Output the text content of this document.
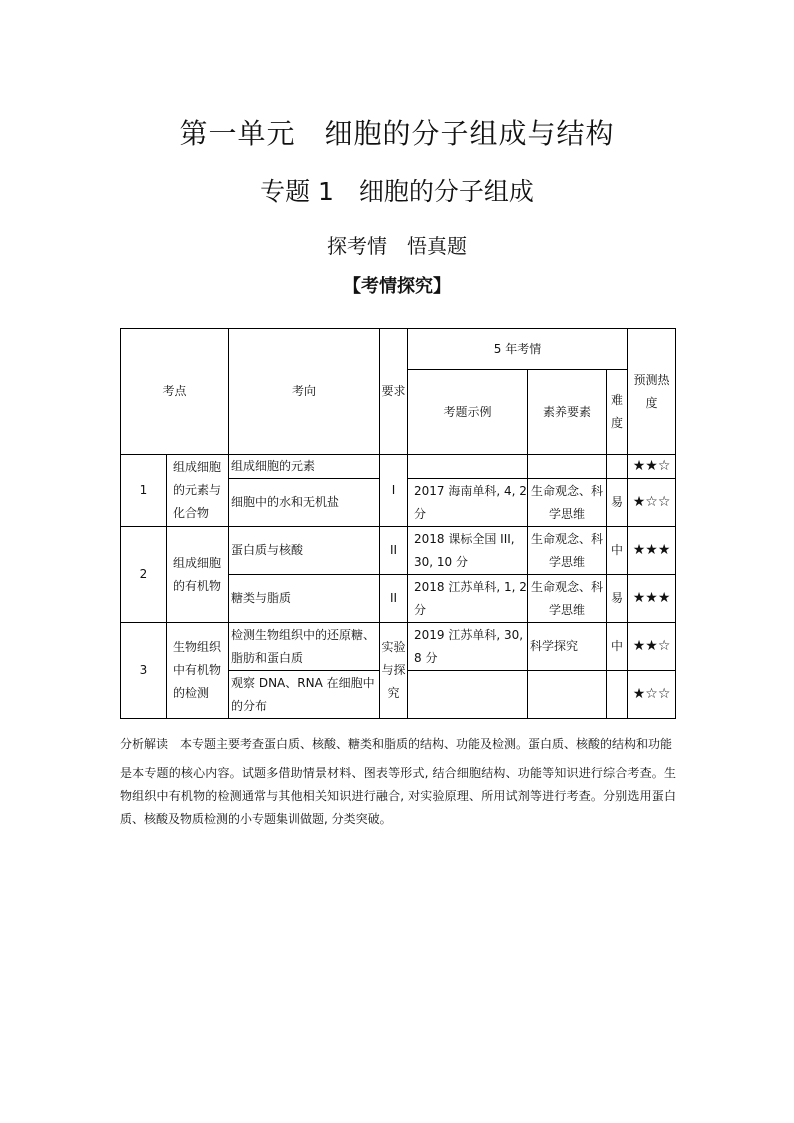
第一单元　细胞的分子组成与结构
专题 1　细胞的分子组成
探考情　悟真题
【考情探究】
考点		考向	要求	5 年考情			预测热度
				考题示例	素养要素	难度	
1	组成细胞的元素与化合物	组成细胞的元素	I				★★☆
		细胞中的水和无机盐		2017 海南单科, 4, 2 分	生命观念、科学思维	易	★☆☆
2	组成细胞的有机物	蛋白质与核酸	II	2018 课标全国 III, 30, 10 分	生命观念、科学思维	中	★★★
		糖类与脂质	II	2018 江苏单科, 1, 2 分	生命观念、科学思维	易	★★★
3	生物组织中有机物的检测	检测生物组织中的还原糖、脂肪和蛋白质	实验与探究	2019 江苏单科, 30, 8 分	科学探究	中	★★☆
		观察 DNA、RNA 在细胞中的分布					★☆☆

分析解读　本专题主要考查蛋白质、核酸、糖类和脂质的结构、功能及检测。蛋白质、核酸的结构和功能

是本专题的核心内容。试题多借助情景材料、图表等形式, 结合细胞结构、功能等知识进行综合考查。生物组织中有机物的检测通常与其他相关知识进行融合, 对实验原理、所用试剂等进行考查。分别选用蛋白质、核酸及物质检测的小专题集训做题, 分类突破。
